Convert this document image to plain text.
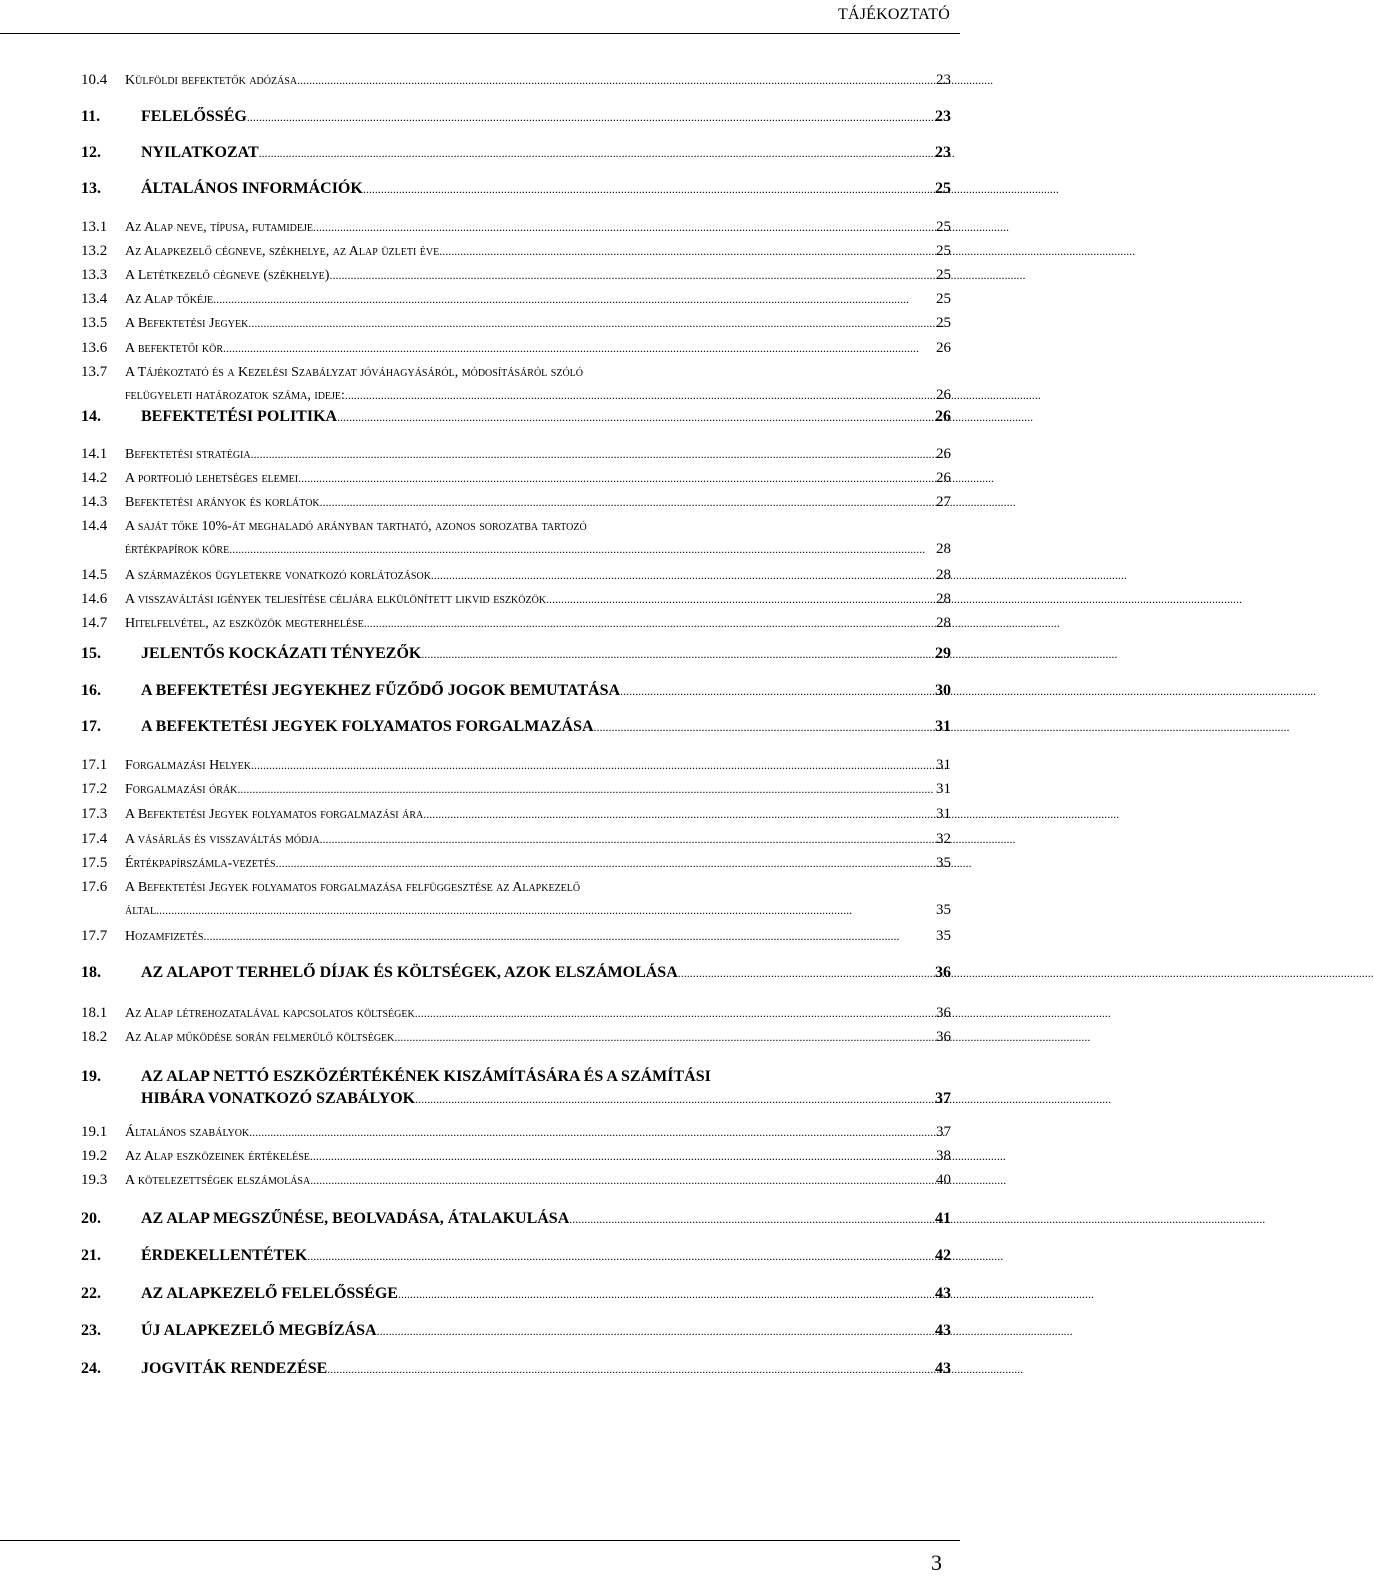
TÁJÉKOZTATÓ
10.4	Külföldi befektetők adózása .....	23
11.	FELELŐSSÉG .....	23
12.	NYILATKOZAT .....	23
13.	ÁLTALÁNOS INFORMÁCIÓK .....	25
13.1	Az Alap neve, típusa, futamideje .....	25
13.2	Az Alapkezelő cégneve, székhelye, az Alap üzleti éve .....	25
13.3	A Letétkezelő cégneve (székhelye) .....	25
13.4	Az Alap tőkéje .....	25
13.5	A Befektetési Jegyek .....	25
13.6	A befektetői kör .....	26
13.7	A Tájékoztató és a Kezelési Szabályzat jóváhagyásáról, módosításáról szóló
felügyeleti határozatok száma, ideje: .....	26
14.	BEFEKTETÉSI POLITIKA .....	26
14.1	Befektetési stratégia .....	26
14.2	A portfolió lehetséges elemei .....	26
14.3	Befektetési arányok és korlátok .....	27
14.4	A saját tőke 10%-át meghaladó arányban tartható, azonos sorozatba tartozó
értékpapírok köre .....	28
14.5	A származékos ügyletekre vonatkozó korlátozások .....	28
14.6	A visszaváltási igények teljesítése céljára elkülönített likvid eszközök .....	28
14.7	Hitelfelvétel, az eszközök megterhelése .....	28
15.	JELENTŐS KOCKÁZATI TÉNYEZŐK .....	29
16.	A BEFEKTETÉSI JEGYEKHEZ FŰZŐDŐ JOGOK BEMUTATÁSA .....	30
17.	A BEFEKTETÉSI JEGYEK FOLYAMATOS FORGALMAZÁSA .....	31
17.1	Forgalmazási Helyek .....	31
17.2	Forgalmazási órák .....	31
17.3	A Befektetési Jegyek folyamatos forgalmazási ára .....	31
17.4	A vásárlás és visszaváltás módja .....	32
17.5	Értékpapírszámla-vezetés .....	35
17.6	A Befektetési Jegyek folyamatos forgalmazása felfüggesztése az Alapkezelő
által .....	35
17.7	Hozamfizetés .....	35
18.	AZ ALAPOT TERHELŐ DÍJAK ÉS KÖLTSÉGEK, AZOK ELSZÁMOLÁSA .....	36
18.1	Az Alap létrehozatalával kapcsolatos költségek .....	36
18.2	Az Alap működése során felmerülő költségek .....	36
19.	AZ ALAP NETTÓ ESZKÖZÉRTÉKÉNEK KISZÁMÍTÁSÁRA ÉS A SZÁMÍTÁSI
HIBÁRA VONATKOZÓ SZABÁLYOK .....	37
19.1	Általános szabályok .....	37
19.2	Az Alap eszközeinek értékelése .....	38
19.3	A kötelezettségek elszámolása .....	40
20.	AZ ALAP MEGSZŰNÉSE, BEOLVADÁSA, ÁTALAKULÁSA .....	41
21.	ÉRDEKELLENTÉTEK .....	42
22.	AZ ALAPKEZELŐ FELELŐSSÉGE .....	43
23.	ÚJ ALAPKEZELŐ MEGBÍZÁSA .....	43
24.	JOGVITÁK RENDEZÉSE .....	43
3
